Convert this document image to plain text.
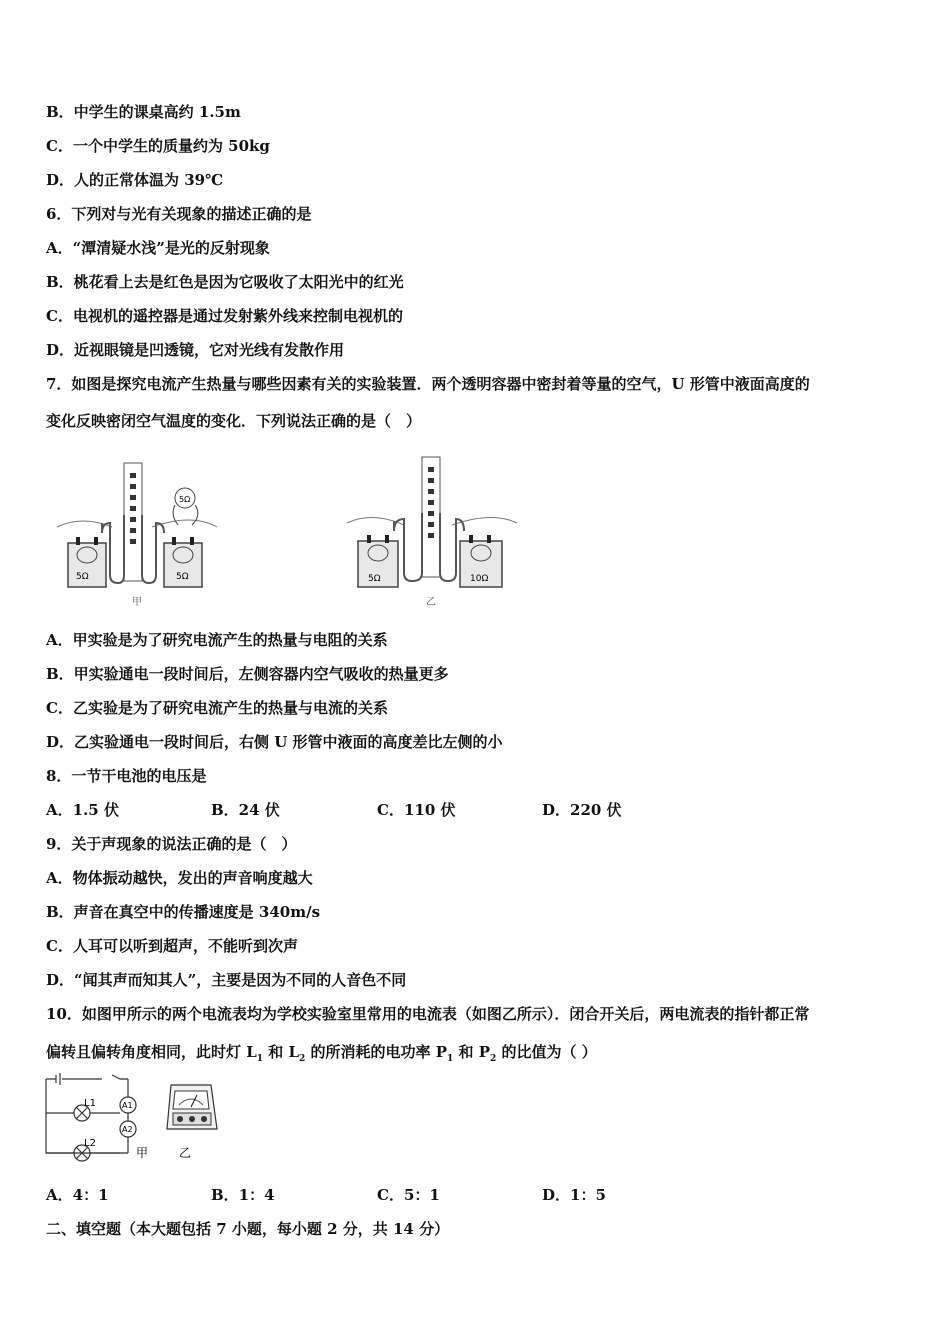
B．中学生的课桌高约 1.5m
C．一个中学生的质量约为 50kg
D．人的正常体温为 39℃
6．下列对与光有关现象的描述正确的是
A．“潭清疑水浅”是光的反射现象
B．桃花看上去是红色是因为它吸收了太阳光中的红光
C．电视机的遥控器是通过发射紫外线来控制电视机的
D．近视眼镜是凹透镜，它对光线有发散作用
7．如图是探究电流产生热量与哪些因素有关的实验装置．两个透明容器中密封着等量的空气，U 形管中液面高度的
变化反映密闭空气温度的变化．下列说法正确的是（　）
5Ω
5Ω	5Ω
甲
5Ω	10Ω
乙
A．甲实验是为了研究电流产生的热量与电阻的关系
B．甲实验通电一段时间后，左侧容器内空气吸收的热量更多
C．乙实验是为了研究电流产生的热量与电流的关系
D．乙实验通电一段时间后，右侧 U 形管中液面的高度差比左侧的小
8．一节干电池的电压是
A．1.5 伏	B．24 伏	C．110 伏	D．220 伏
9．关于声现象的说法正确的是（　）
A．物体振动越快，发出的声音响度越大
B．声音在真空中的传播速度是 340m/s
C．人耳可以听到超声，不能听到次声
D．“闻其声而知其人”，主要是因为不同的人音色不同
10．如图甲所示的两个电流表均为学校实验室里常用的电流表（如图乙所示）．闭合开关后，两电流表的指针都正常
偏转且偏转角度相同，此时灯 $L_1$ 和 $L_2$ 的所消耗的电功率 $P_1$ 和 $P_2$ 的比值为（ ）
L1
L2
A1
A2
甲	乙
A．4：1	B．1：4	C．5：1	D．1：5
二、填空题（本大题包括 7 小题，每小题 2 分，共 14 分）
